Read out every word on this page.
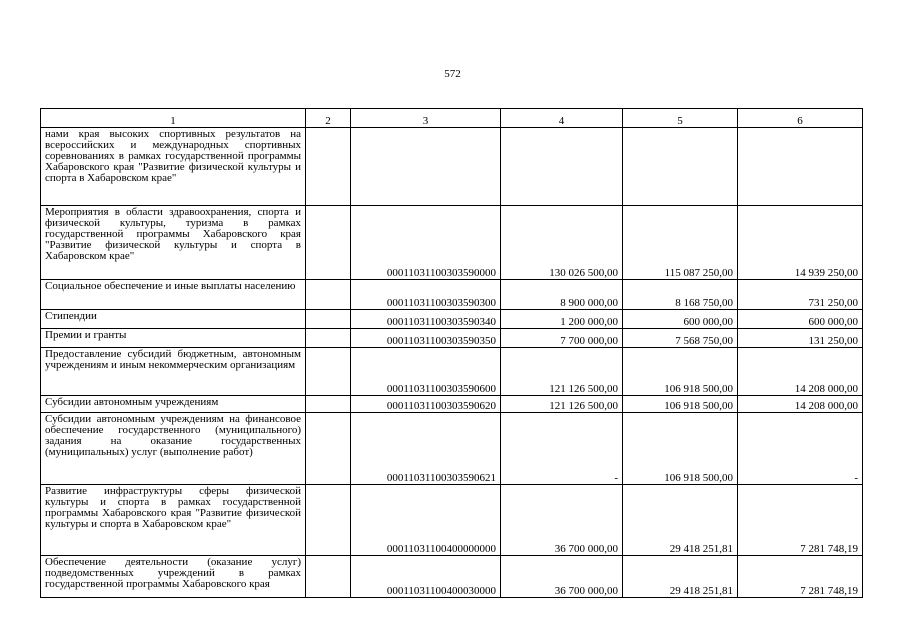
572
1	2	3	4	5	6
нами края высоких спортивных результатов на всероссийских и международных спортивных соревнованиях в рамках государственной программы Хабаровского края "Развитие физической культуры и спорта в Хабаровском крае"					
Мероприятия в области здравоохранения, спорта и физической культуры, туризма в рамках государственной программы Хабаровского края "Развитие физической культуры и спорта в Хабаровском крае"		00011031100303590000	130 026 500,00	115 087 250,00	14 939 250,00
Социальное обеспечение и иные выплаты населению		00011031100303590300	8 900 000,00	8 168 750,00	731 250,00
Стипендии		00011031100303590340	1 200 000,00	600 000,00	600 000,00
Премии и гранты		00011031100303590350	7 700 000,00	7 568 750,00	131 250,00
Предоставление субсидий бюджетным, автономным учреждениям и иным некоммерческим организациям		00011031100303590600	121 126 500,00	106 918 500,00	14 208 000,00
Субсидии автономным учреждениям		00011031100303590620	121 126 500,00	106 918 500,00	14 208 000,00
Субсидии автономным учреждениям на финансовое обеспечение государственного (муниципального) задания на оказание государственных (муниципальных) услуг (выполнение работ)		00011031100303590621	-	106 918 500,00	-
Развитие инфраструктуры сферы физической культуры и спорта в рамках государственной программы Хабаровского края "Развитие физической культуры и спорта в Хабаровском крае"		00011031100400000000	36 700 000,00	29 418 251,81	7 281 748,19
Обеспечение деятельности (оказание услуг) подведомственных учреждений в рамках государственной программы Хабаровского края		00011031100400030000	36 700 000,00	29 418 251,81	7 281 748,19
